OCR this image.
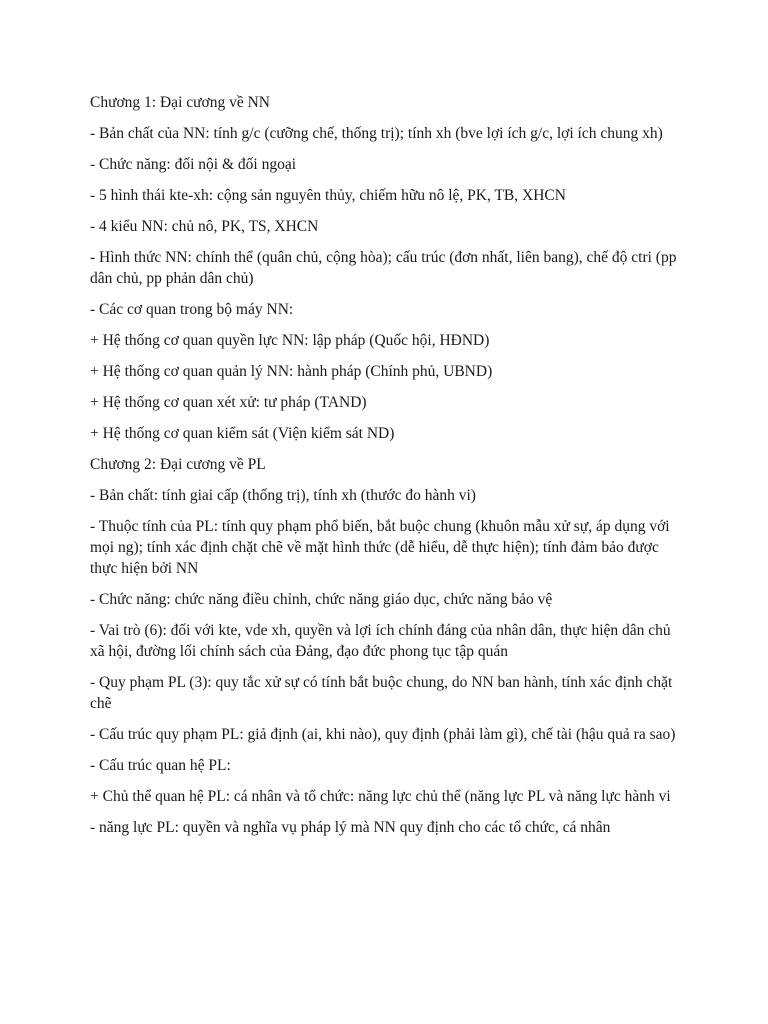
Chương 1: Đại cương về NN

- Bản chất của NN: tính g/c (cưỡng chế, thống trị); tính xh (bve lợi ích g/c, lợi ích chung xh)

- Chức năng: đối nội & đối ngoại

- 5 hình thái kte-xh: cộng sản nguyên thủy, chiếm hữu nô lệ, PK, TB, XHCN

- 4 kiểu NN: chủ nô, PK, TS, XHCN

- Hình thức NN: chính thể (quân chủ, cộng hòa); cấu trúc (đơn nhất, liên bang), chế độ ctri (pp dân chủ, pp phản dân chủ)

- Các cơ quan trong bộ máy NN:

+ Hệ thống cơ quan quyền lực NN: lập pháp (Quốc hội, HĐND)

+ Hệ thống cơ quan quản lý NN: hành pháp (Chính phủ, UBND)

+ Hệ thống cơ quan xét xử: tư pháp (TAND)

+ Hệ thống cơ quan kiểm sát (Viện kiểm sát ND)

Chương 2: Đại cương về PL

- Bản chất: tính giai cấp (thống trị), tính xh (thước đo hành vi)

- Thuộc tính của PL: tính quy phạm phổ biến, bắt buộc chung (khuôn mẫu xử sự, áp dụng với mọi ng); tính xác định chặt chẽ về mặt hình thức (dễ hiểu, dễ thực hiện); tính đảm bảo được thực hiện bởi NN

- Chức năng: chức năng điều chỉnh, chức năng giáo dục, chức năng bảo vệ

- Vai trò (6): đối với kte, vde xh, quyền và lợi ích chính đáng của nhân dân, thực hiện dân chủ xã hội, đường lối chính sách của Đảng, đạo đức phong tục tập quán

- Quy phạm PL (3): quy tắc xử sự có tính bắt buộc chung, do NN ban hành, tính xác định chặt chẽ

- Cấu trúc quy phạm PL: giả định (ai, khi nào), quy định (phải làm gì), chế tài (hậu quả ra sao)

- Cấu trúc quan hệ PL:

+ Chủ thể quan hệ PL: cá nhân và tổ chức: năng lực chủ thể (năng lực PL và năng lực hành vi

- năng lực PL: quyền và nghĩa vụ pháp lý mà NN quy định cho các tổ chức, cá nhân
